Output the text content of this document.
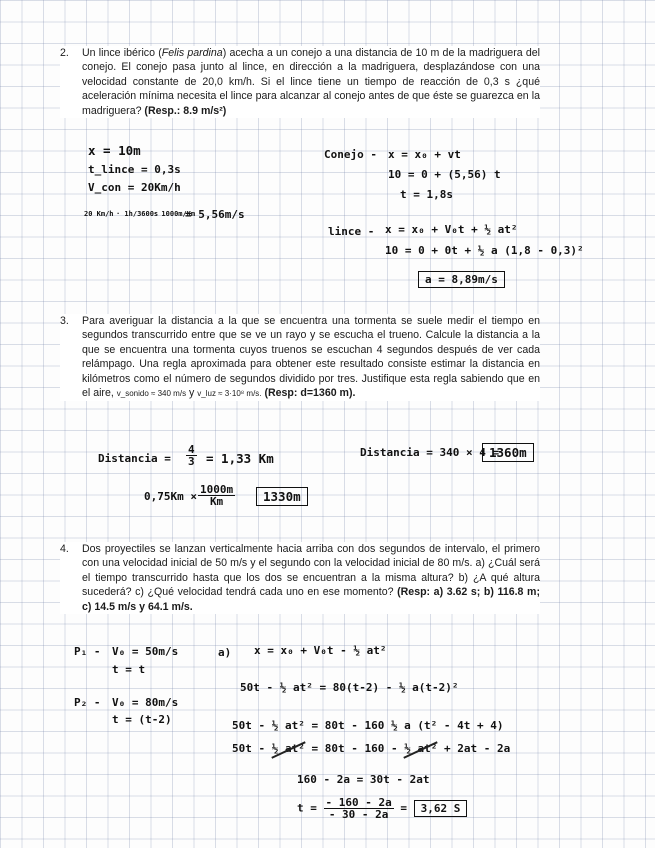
2. Un lince ibérico (Felis pardina) acecha a un conejo a una distancia de 10 m de la madriguera del conejo. El conejo pasa junto al lince, en dirección a la madriguera, desplazándose con una velocidad constante de 20,0 km/h. Si el lince tiene un tiempo de reacción de 0,3 s ¿qué aceleración mínima necesita el lince para alcanzar al conejo antes de que éste se guarezca en la madriguera? (Resp.: 8.9 m/s²)
x = 10m
t_lince = 0,3s
V_con = 20Km/h
20 Km/h · 1h/3600s
· 1000m/Km
= 5,56m/s
Conejo - x = x₀ + vt
10 = 0 + (5,56) t
t = 1,8s
lince - x = x₀ + V₀t + ½ at²
10 = 0 + 0t + ½ a (1,8 - 0,3)²
a = 8,89m/s
3. Para averiguar la distancia a la que se encuentra una tormenta se suele medir el tiempo en segundos transcurrido entre que se ve un rayo y se escucha el trueno. Calcule la distancia a la que se encuentra una tormenta cuyos truenos se escuchan 4 segundos después de ver cada relámpago. Una regla aproximada para obtener este resultado consiste estimar la distancia en kilómetros como el número de segundos dividido por tres. Justifique esta regla sabiendo que en el aire, v_sonido ≈ 340 m/s y v_luz ≈ 3·10⁸ m/s. (Resp: d=1360 m).
Distancia = $\frac{4}{3} = 1,33$ Km	Distancia = 340 × 4 =
1360m
$0,75Km \times \frac{1000m}{Km}$	1330m
4. Dos proyectiles se lanzan verticalmente hacia arriba con dos segundos de intervalo, el primero con una velocidad inicial de 50 m/s y el segundo con la velocidad inicial de 80 m/s. a) ¿Cuál será el tiempo transcurrido hasta que los dos se encuentran a la misma altura? b) ¿A qué altura sucederá? c) ¿Qué velocidad tendrá cada uno en ese momento? (Resp: a) 3.62 s; b) 116.8 m; c) 14.5 m/s y 64.1 m/s.
P₁ - V₀ = 50m/s
t = t
P₂ - V₀ = 80m/s
t = (t-2)
a) x = x₀ + V₀t - ½ at²
50t - ½ at² = 80(t-2) - ½ a(t-2)²
50t - ½ at² = 80t - 160 ½ a (t² - 4t + 4)
50t - ½ at² = 80t - 160 - ½ at² + 2at - 2a
160 - 2a = 30t - 2at
$t = \frac{- 160 - 2a}{- 30 - 2a} = 3,62$ S
